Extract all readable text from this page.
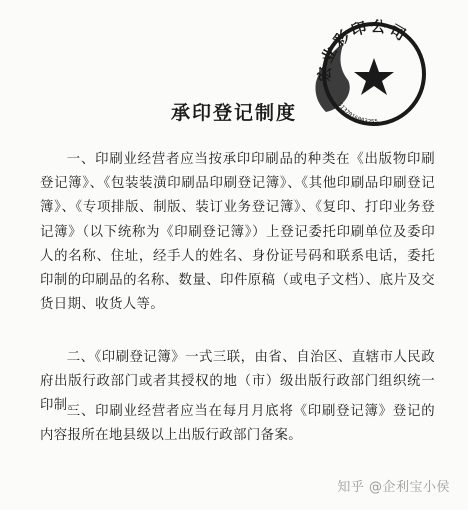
宏业彩印公司
5137016003255
承印登记制度
一、印刷业经营者应当按承印印刷品的种类在《出版物印刷登记簿》、《包装装潢印刷品印刷登记簿》、《其他印刷品印刷登记簿》、《专项排版、制版、装订业务登记簿》、《复印、打印业务登记簿》（以下统称为《印刷登记簿》）上登记委托印刷单位及委印人的名称、住址，经手人的姓名、身份证号码和联系电话，委托印制的印刷品的名称、数量、印件原稿（或电子文档）、底片及交货日期、收货人等。
二、《印刷登记簿》一式三联，由省、自治区、直辖市人民政府出版行政部门或者其授权的地（市）级出版行政部门组织统一印制。
三、印刷业经营者应当在每月月底将《印刷登记簿》登记的内容报所在地县级以上出版行政部门备案。
知乎 @企利宝小侯
